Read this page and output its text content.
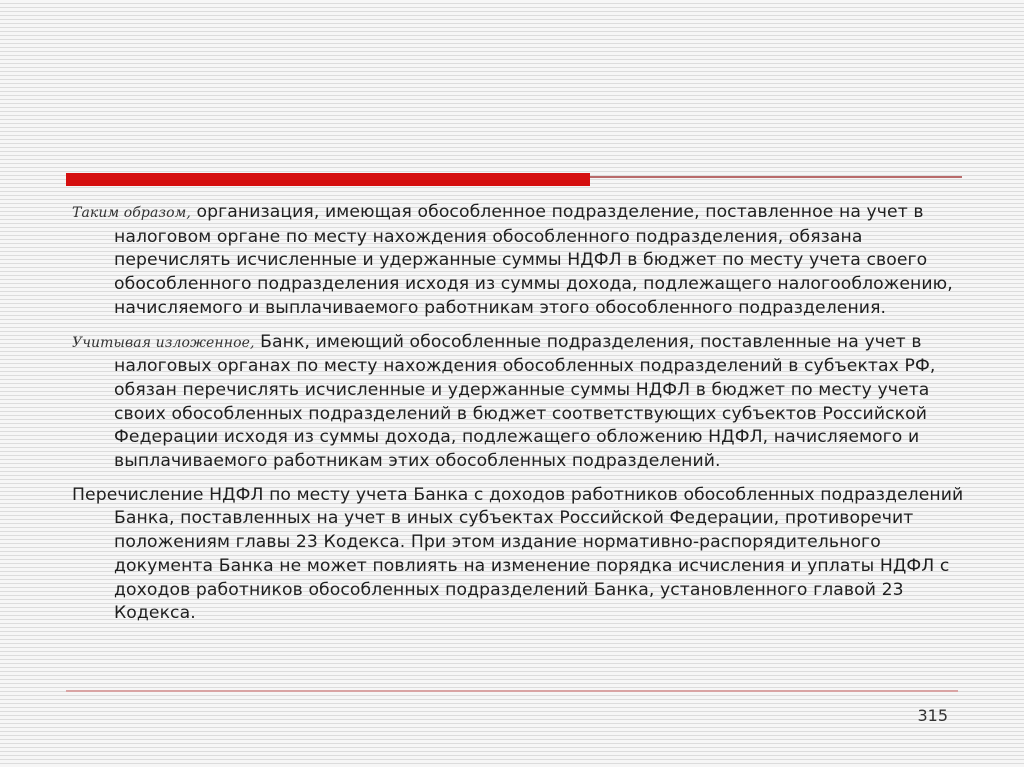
Таким образом, организация, имеющая обособленное подразделение, поставленное на учет в налоговом органе по месту нахождения обособленного подразделения, обязана перечислять исчисленные и удержанные суммы НДФЛ в бюджет по месту учета своего обособленного подразделения исходя из суммы дохода, подлежащего налогообложению, начисляемого и выплачиваемого работникам этого обособленного подразделения.

Учитывая изложенное, Банк, имеющий обособленные подразделения, поставленные на учет в налоговых органах по месту нахождения обособленных подразделений в субъектах РФ, обязан перечислять исчисленные и удержанные суммы НДФЛ в бюджет по месту учета своих обособленных подразделений в бюджет соответствующих субъектов Российской Федерации исходя из суммы дохода, подлежащего обложению НДФЛ, начисляемого и выплачиваемого работникам этих обособленных подразделений.

Перечисление НДФЛ по месту учета Банка с доходов работников обособленных подразделений Банка, поставленных на учет в иных субъектах Российской Федерации, противоречит положениям главы 23 Кодекса. При этом издание нормативно-распорядительного документа Банка не может повлиять на изменение порядка исчисления и уплаты НДФЛ с доходов работников обособленных подразделений Банка, установленного главой 23 Кодекса.

315
